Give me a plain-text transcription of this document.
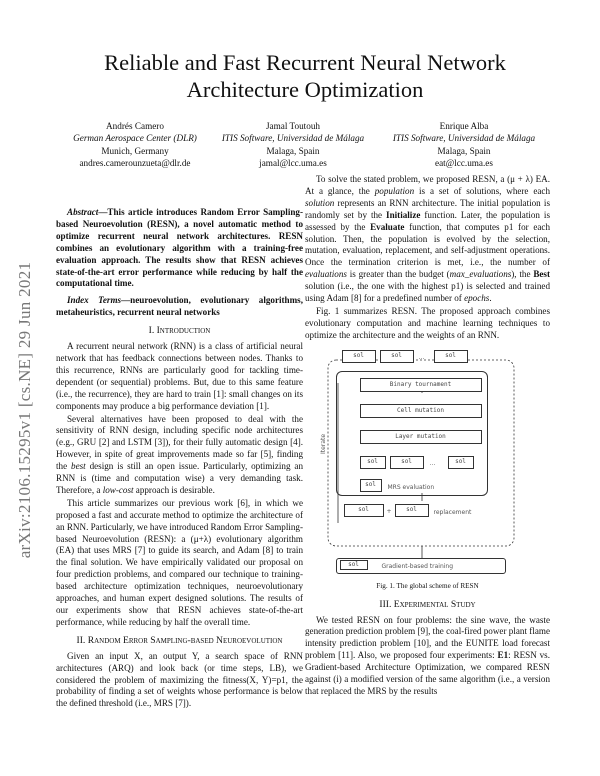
arXiv:2106.15295v1 [cs.NE] 29 Jun 2021
Reliable and Fast Recurrent Neural Network
Architecture Optimization
Andrés Camero
German Aerospace Center (DLR)
Munich, Germany
andres.camerounzueta@dlr.de
Jamal Toutouh
ITIS Software, Universidad de Málaga
Malaga, Spain
jamal@lcc.uma.es
Enrique Alba
ITIS Software, Universidad de Málaga
Malaga, Spain
eat@lcc.uma.es

Abstract—This article introduces Random Error Sampling-based Neuroevolution (RESN), a novel automatic method to optimize recurrent neural network architectures. RESN combines an evolutionary algorithm with a training-free evaluation approach. The results show that RESN achieves state-of-the-art error performance while reducing by half the computational time.

Index Terms—neuroevolution, evolutionary algorithms, metaheuristics, recurrent neural networks

I. Introduction

A recurrent neural network (RNN) is a class of artificial neural network that has feedback connections between nodes. Thanks to this recurrence, RNNs are particularly good for tackling time-dependent (or sequential) problems. But, due to this same feature (i.e., the recurrence), they are hard to train [1]: small changes on its components may produce a big performance deviation [1].

Several alternatives have been proposed to deal with the sensitivity of RNN design, including specific node architectures (e.g., GRU [2] and LSTM [3]), for their fully automatic design [4]. However, in spite of great improvements made so far [5], finding the best design is still an open issue. Particularly, optimizing an RNN is (time and computation wise) a very demanding task. Therefore, a low-cost approach is desirable.

This article summarizes our previous work [6], in which we proposed a fast and accurate method to optimize the architecture of an RNN. Particularly, we have introduced Random Error Sampling-based Neuroevolution (RESN): a (μ+λ) evolutionary algorithm (EA) that uses MRS [7] to guide its search, and Adam [8] to train the final solution. We have empirically validated our proposal on four prediction problems, and compared our technique to training-based architecture optimization techniques, neuroevolutionary approaches, and human expert designed solutions. The results of our experiments show that RESN achieves state-of-the-art performance, while reducing by half the overall time.

II. Random Error Sampling-based Neuroevolution

Given an input X, an output Y, a search space of RNN architectures (ARQ) and look back (or time steps, LB), we considered the problem of maximizing the fitness(X, Y)=p1, the probability of finding a set of weights whose performance is below the defined threshold (i.e., MRS [7]).

To solve the stated problem, we proposed RESN, a (μ + λ) EA. At a glance, the population is a set of solutions, where each solution represents an RNN architecture. The initial population is randomly set by the Initialize function. Later, the population is assessed by the Evaluate function, that computes p1 for each solution. Then, the population is evolved by the selection, mutation, evaluation, replacement, and self-adjustment operations. Once the termination criterion is met, i.e., the number of evaluations is greater than the budget (max_evaluations), the Best solution (i.e., the one with the highest p1) is selected and trained using Adam [8] for a predefined number of epochs.

Fig. 1 summarizes RESN. The proposed approach combines evolutionary computation and machine learning techniques to optimize the architecture and the weights of an RNN.

sol	sol	...	sol
Iterate
Binary tournament
Cell mutation
Layer mutation
sol	sol	...	sol
sol MRS evaluation
sol	+ sol	replacement
sol	Gradient-based training
Fig. 1. The global scheme of RESN
III. Experimental Study

We tested RESN on four problems: the sine wave, the waste generation prediction problem [9], the coal-fired power plant flame intensity prediction problem [10], and the EUNITE load forecast problem [11]. Also, we proposed four experiments: E1: RESN vs. Gradient-based Architecture Optimization, we compared RESN against (i) a modified version of the same algorithm (i.e., a version that replaced the MRS by the results
